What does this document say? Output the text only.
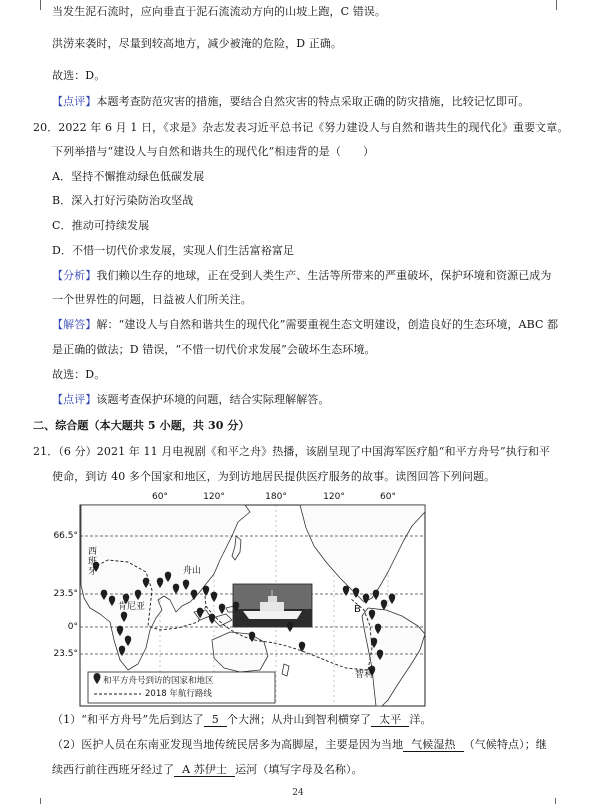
当发生泥石流时，应向垂直于泥石流流动方向的山坡上跑，C 错误。
洪涝来袭时，尽量到较高地方，减少被淹的危险，D 正确。
故选：D。
【点评】本题考查防范灾害的措施，要结合自然灾害的特点采取正确的防灾措施，比较记忆即可。
20．2022 年 6 月 1 日，《求是》杂志发表习近平总书记《努力建设人与自然和谐共生的现代化》重要文章。
下列举措与“建设人与自然和谐共生的现代化”相违背的是（　　）
A．坚持不懈推动绿色低碳发展
B．深入打好污染防治攻坚战
C．推动可持续发展
D．不惜一切代价求发展，实现人们生活富裕富足
【分析】我们赖以生存的地球，正在受到人类生产、生活等所带来的严重破坏，保护环境和资源已成为
一个世界性的问题，日益被人们所关注。
【解答】解：“建设人与自然和谐共生的现代化”需要重视生态文明建设，创造良好的生态环境，ABC 都
是正确的做法；D 错误，“不惜一切代价求发展”会破坏生态环境。
故选：D。
【点评】该题考查保护环境的问题，结合实际理解解答。
二、综合题（本大题共 5 小题，共 30 分）
21．（6 分）2021 年 11 月电视剧《和平之舟》热播，该剧呈现了中国海军医疗船“和平方舟号”执行和平
使命，到访 40 多个国家和地区，为到访地居民提供医疗服务的故事。读图回答下列问题。
60°	120°	180°	120°	60°
66.5°
23.5°
0°
23.5°
西班牙	舟山
肯尼亚	B
智利
和平方舟号到访的国家和地区
2018 年航行路线
（1）“和平方舟号”先后到达了 5 个大洲；从舟山到智利横穿了 太平 洋。
（2）医护人员在东南亚发现当地传统民居多为高脚屋，主要是因为当地 气候湿热 （气候特点）；继
续西行前往西班牙经过了 A 苏伊士 运河（填写字母及名称）。
24
